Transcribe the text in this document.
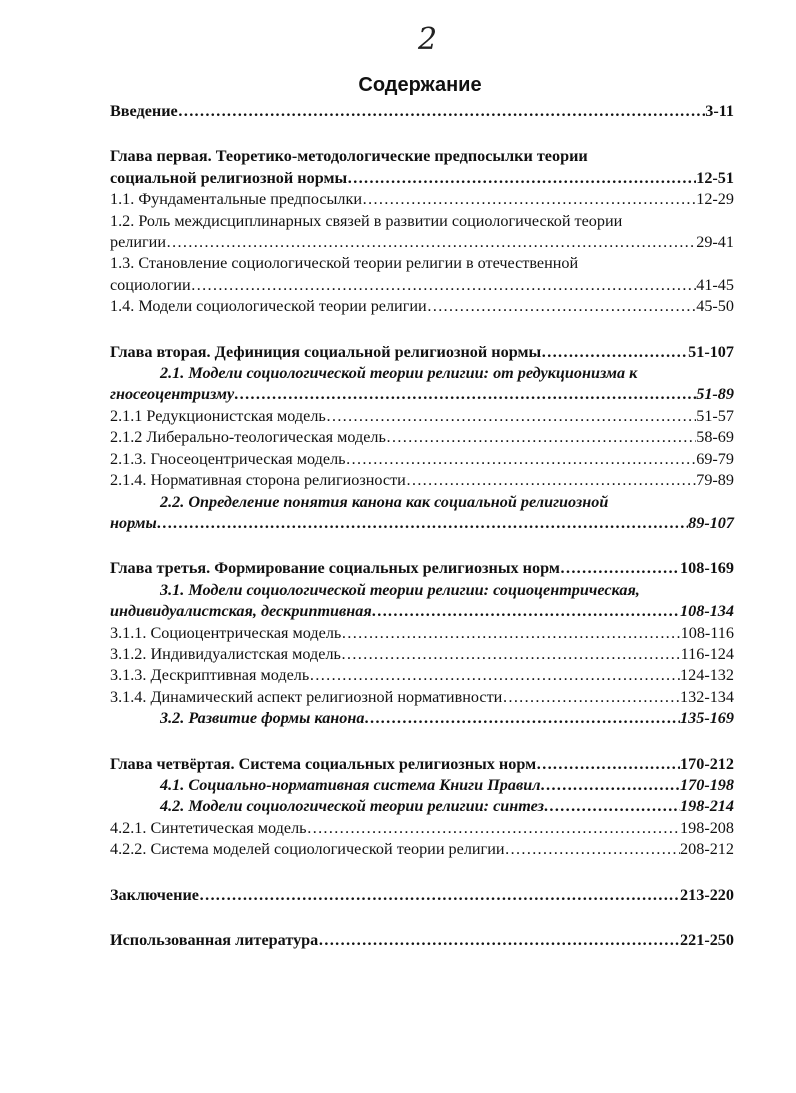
2
Содержание
Введение ……………………………………………………………………………………………………………………………………………………………………	3-11
Глава первая. Теоретико-методологические предпосылки теории
социальной религиозной нормы ……………………………………………………………………………………………………………………………………………………………………	12-51
1.1. Фундаментальные предпосылки ……………………………………………………………………………………………………………………………………………………………………	12-29
1.2. Роль междисциплинарных связей в развитии социологической теории
религии ……………………………………………………………………………………………………………………………………………………………………	29-41
1.3. Становление социологической теории религии в отечественной
социологии ……………………………………………………………………………………………………………………………………………………………………	41-45
1.4. Модели социологической теории религии ……………………………………………………………………………………………………………………………………………………………………	45-50
Глава вторая. Дефиниция социальной религиозной нормы ……………………………………………………………………………………………………………………………………………………………………	51-107
2.1. Модели социологической теории религии: от редукционизма к
гносеоцентризму ……………………………………………………………………………………………………………………………………………………………………	51-89
2.1.1 Редукционистская модель ……………………………………………………………………………………………………………………………………………………………………	51-57
2.1.2 Либерально-теологическая модель ……………………………………………………………………………………………………………………………………………………………………	58-69
2.1.3. Гносеоцентрическая модель ……………………………………………………………………………………………………………………………………………………………………	69-79
2.1.4. Нормативная сторона религиозности ……………………………………………………………………………………………………………………………………………………………………	79-89
2.2. Определение понятия канона как социальной религиозной
нормы ……………………………………………………………………………………………………………………………………………………………………	89-107
Глава третья. Формирование социальных религиозных норм ……………………………………………………………………………………………………………………………………………………………………	108-169
3.1. Модели социологической теории религии: социоцентрическая,
индивидуалистская, дескриптивная ……………………………………………………………………………………………………………………………………………………………………	108-134
3.1.1. Социоцентрическая модель ……………………………………………………………………………………………………………………………………………………………………	108-116
3.1.2. Индивидуалистская модель ……………………………………………………………………………………………………………………………………………………………………	116-124
3.1.3. Дескриптивная модель ……………………………………………………………………………………………………………………………………………………………………	124-132
3.1.4. Динамический аспект религиозной нормативности ……………………………………………………………………………………………………………………………………………………………………	132-134
3.2. Развитие формы канона ……………………………………………………………………………………………………………………………………………………………………	135-169
Глава четвёртая. Система социальных религиозных норм ……………………………………………………………………………………………………………………………………………………………………	170-212
4.1. Социально-нормативная система Книги Правил ……………………………………………………………………………………………………………………………………………………………………	170-198
4.2. Модели социологической теории религии: синтез ……………………………………………………………………………………………………………………………………………………………………	198-214
4.2.1. Синтетическая модель ……………………………………………………………………………………………………………………………………………………………………	198-208
4.2.2. Система моделей социологической теории религии ……………………………………………………………………………………………………………………………………………………………………	208-212
Заключение ……………………………………………………………………………………………………………………………………………………………………	213-220
Использованная литература ……………………………………………………………………………………………………………………………………………………………………	221-250
